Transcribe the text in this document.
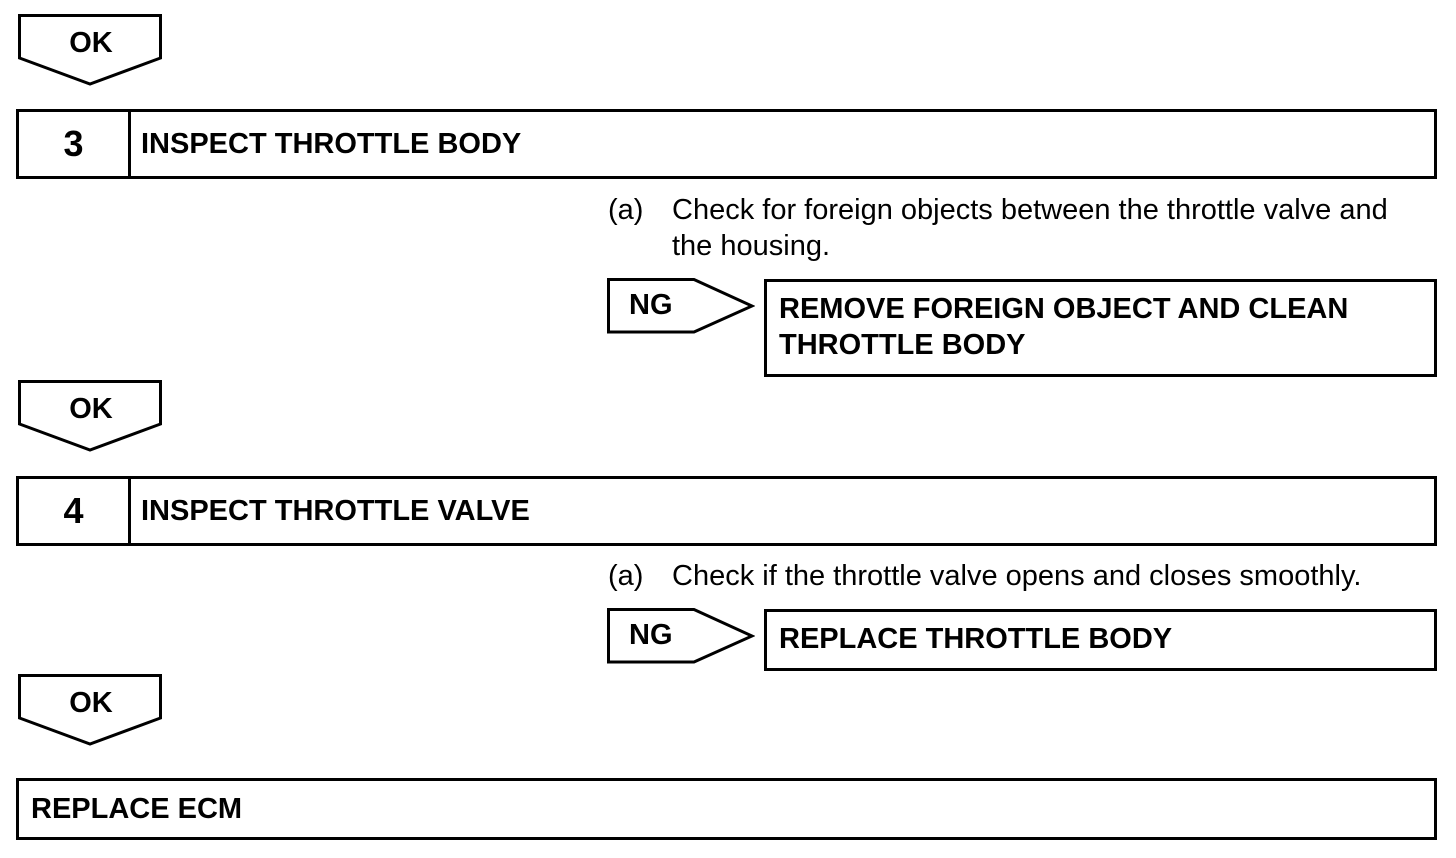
OK
3	INSPECT THROTTLE BODY
(a) Check for foreign objects between the throttle valve and
the housing.
NG	REMOVE FOREIGN OBJECT AND CLEAN
THROTTLE BODY
OK
4	INSPECT THROTTLE VALVE
(a) Check if the throttle valve opens and closes smoothly.
NG	REPLACE THROTTLE BODY
OK
REPLACE ECM
